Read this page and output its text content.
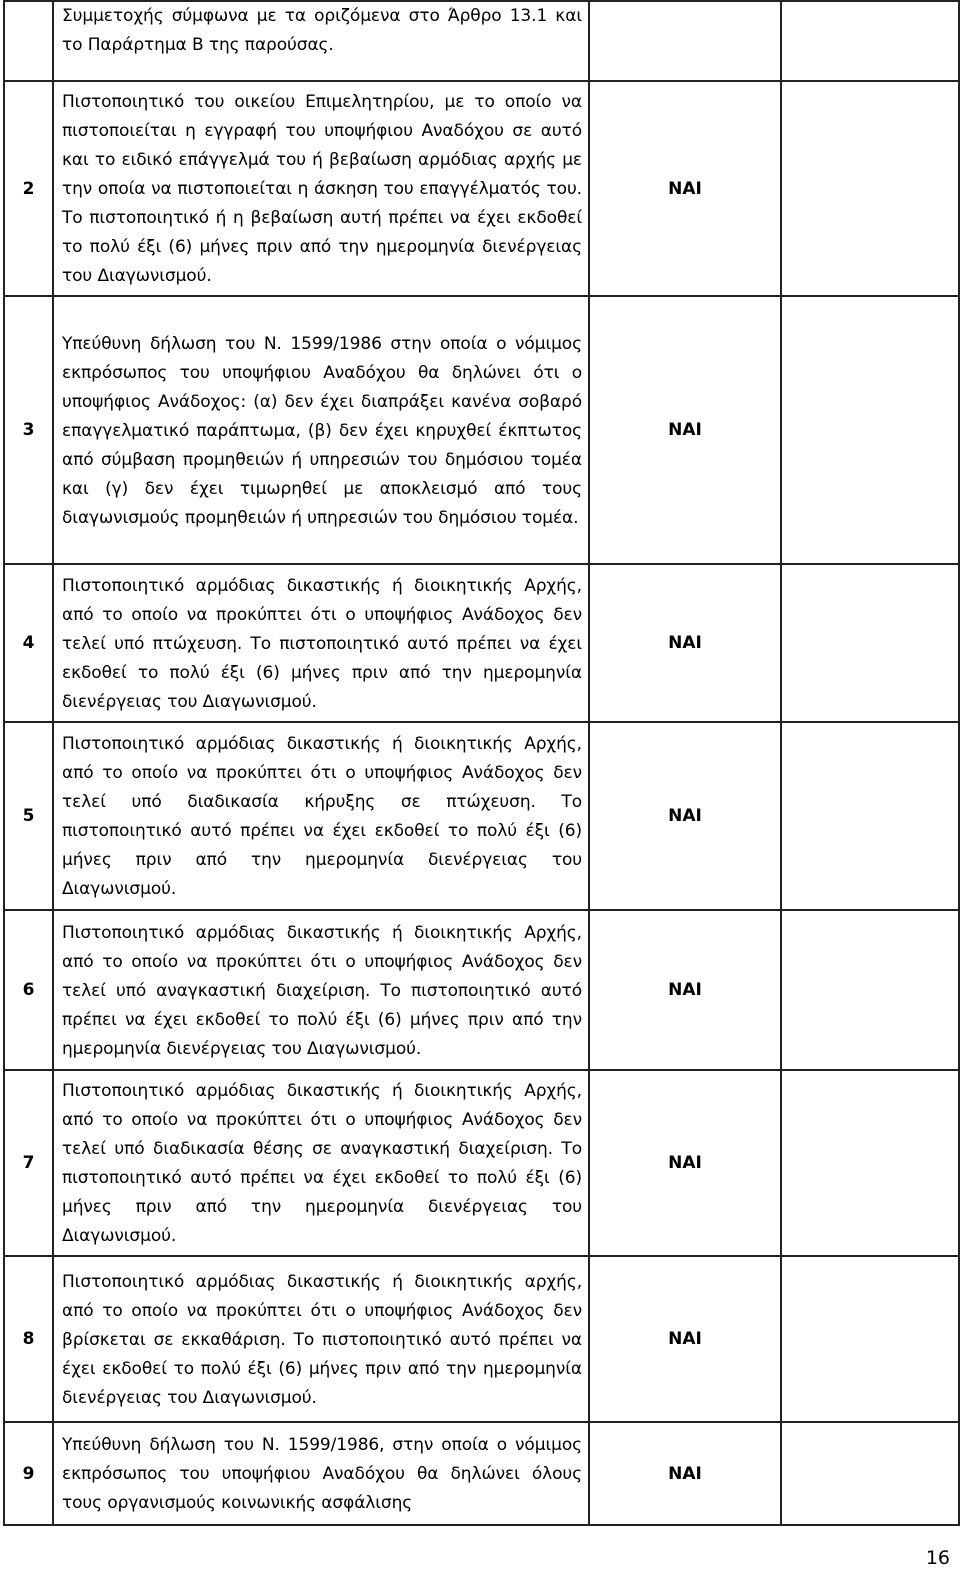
	Συμμετοχής σύμφωνα με τα οριζόμενα στο Άρθρο 13.1 και το Παράρτημα Β της παρούσας.		
2	Πιστοποιητικό του οικείου Επιμελητηρίου, με το οποίο να πιστοποιείται η εγγραφή του υποψήφιου Αναδόχου σε αυτό και το ειδικό επάγγελμά του ή βεβαίωση αρμόδιας αρχής με την οποία να πιστοποιείται η άσκηση του επαγγέλματός του. Το πιστοποιητικό ή η βεβαίωση αυτή πρέπει να έχει εκδοθεί το πολύ έξι (6) μήνες πριν από την ημερομηνία διενέργειας του Διαγωνισμού.	ΝΑΙ	
3	Υπεύθυνη δήλωση του Ν. 1599/1986 στην οποία ο νόμιμος εκπρόσωπος του υποψήφιου Αναδόχου θα δηλώνει ότι ο υποψήφιος Ανάδοχος: (α) δεν έχει διαπράξει κανένα σοβαρό επαγγελματικό παράπτωμα, (β) δεν έχει κηρυχθεί έκπτωτος από σύμβαση προμηθειών ή υπηρεσιών του δημόσιου τομέα και (γ) δεν έχει τιμωρηθεί με αποκλεισμό από τους διαγωνισμούς προμηθειών ή υπηρεσιών του δημόσιου τομέα.	ΝΑΙ	
4	Πιστοποιητικό αρμόδιας δικαστικής ή διοικητικής Αρχής, από το οποίο να προκύπτει ότι ο υποψήφιος Ανάδοχος δεν τελεί υπό πτώχευση. Το πιστοποιητικό αυτό πρέπει να έχει εκδοθεί το πολύ έξι (6) μήνες πριν από την ημερομηνία διενέργειας του Διαγωνισμού.	ΝΑΙ	
5	Πιστοποιητικό αρμόδιας δικαστικής ή διοικητικής Αρχής, από το οποίο να προκύπτει ότι ο υποψήφιος Ανάδοχος δεν τελεί υπό διαδικασία κήρυξης σε πτώχευση. Το πιστοποιητικό αυτό πρέπει να έχει εκδοθεί το πολύ έξι (6) μήνες πριν από την ημερομηνία διενέργειας του Διαγωνισμού.	ΝΑΙ	
6	Πιστοποιητικό αρμόδιας δικαστικής ή διοικητικής Αρχής, από το οποίο να προκύπτει ότι ο υποψήφιος Ανάδοχος δεν τελεί υπό αναγκαστική διαχείριση. Το πιστοποιητικό αυτό πρέπει να έχει εκδοθεί το πολύ έξι (6) μήνες πριν από την ημερομηνία διενέργειας του Διαγωνισμού.	ΝΑΙ	
7	Πιστοποιητικό αρμόδιας δικαστικής ή διοικητικής Αρχής, από το οποίο να προκύπτει ότι ο υποψήφιος Ανάδοχος δεν τελεί υπό διαδικασία θέσης σε αναγκαστική διαχείριση. Το πιστοποιητικό αυτό πρέπει να έχει εκδοθεί το πολύ έξι (6) μήνες πριν από την ημερομηνία διενέργειας του Διαγωνισμού.	ΝΑΙ	
8	Πιστοποιητικό αρμόδιας δικαστικής ή διοικητικής αρχής, από το οποίο να προκύπτει ότι ο υποψήφιος Ανάδοχος δεν βρίσκεται σε εκκαθάριση. Το πιστοποιητικό αυτό πρέπει να έχει εκδοθεί το πολύ έξι (6) μήνες πριν από την ημερομηνία διενέργειας του Διαγωνισμού.	ΝΑΙ	
9	Υπεύθυνη δήλωση του Ν. 1599/1986, στην οποία ο νόμιμος εκπρόσωπος του υποψήφιου Αναδόχου θα δηλώνει όλους τους οργανισμούς κοινωνικής ασφάλισης	ΝΑΙ	
16
